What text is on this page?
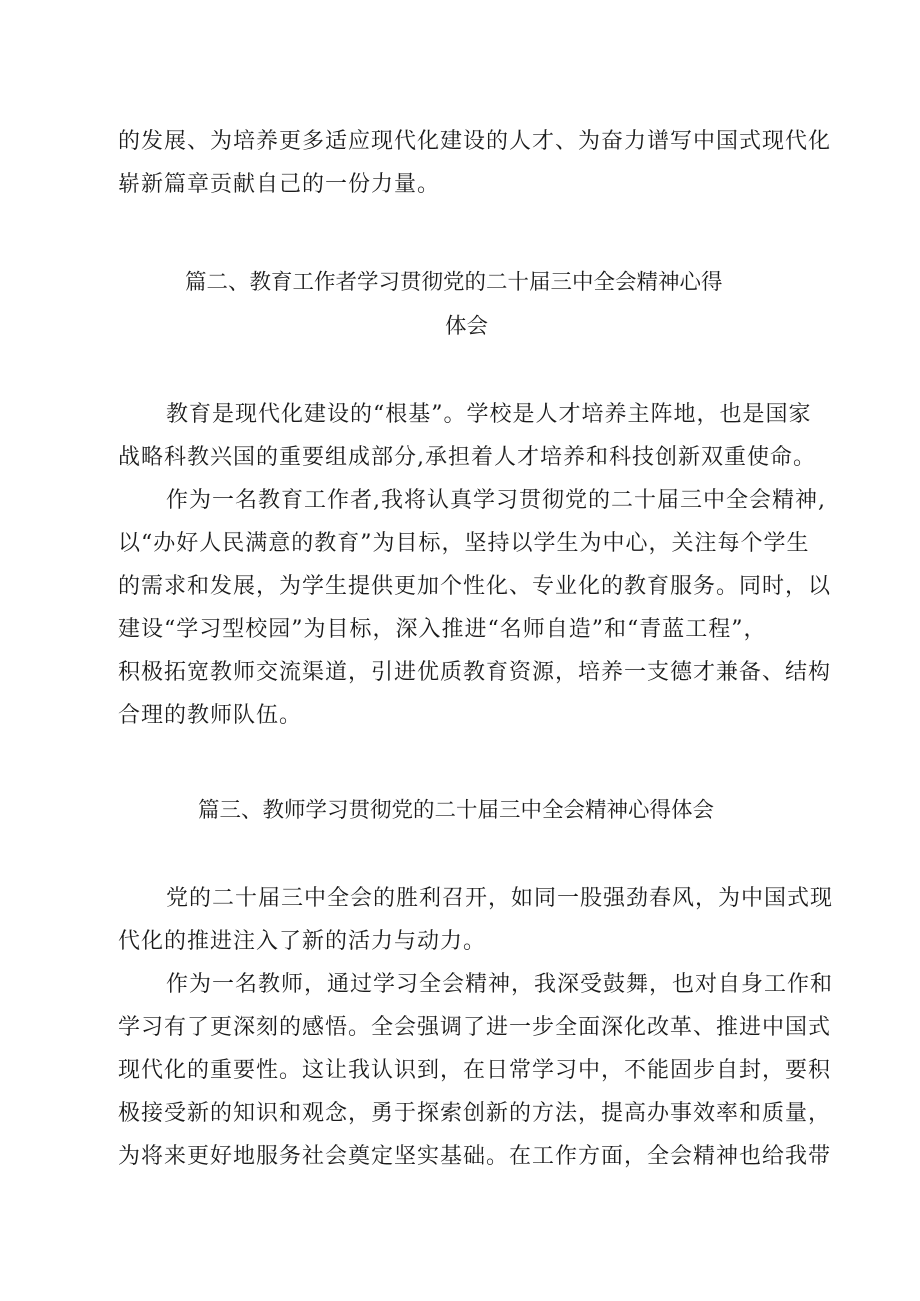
的发展、为培养更多适应现代化建设的人才、为奋力谱写中国式现代化
崭新篇章贡献自己的一份力量。
篇二、教育工作者学习贯彻党的二十届三中全会精神心得
体会
教育是现代化建设的“根基”。学校是人才培养主阵地，也是国家
战略科教兴国的重要组成部分,承担着人才培养和科技创新双重使命。
作为一名教育工作者,我将认真学习贯彻党的二十届三中全会精神,
以“办好人民满意的教育”为目标，坚持以学生为中心，关注每个学生
的需求和发展，为学生提供更加个性化、专业化的教育服务。同时，以
建设“学习型校园”为目标，深入推进“名师自造”和“青蓝工程”，
积极拓宽教师交流渠道，引进优质教育资源，培养一支德才兼备、结构
合理的教师队伍。
篇三、教师学习贯彻党的二十届三中全会精神心得体会
党的二十届三中全会的胜利召开，如同一股强劲春风，为中国式现
代化的推进注入了新的活力与动力。
作为一名教师，通过学习全会精神，我深受鼓舞，也对自身工作和
学习有了更深刻的感悟。全会强调了进一步全面深化改革、推进中国式
现代化的重要性。这让我认识到，在日常学习中，不能固步自封，要积
极接受新的知识和观念，勇于探索创新的方法，提高办事效率和质量，
为将来更好地服务社会奠定坚实基础。在工作方面，全会精神也给我带
